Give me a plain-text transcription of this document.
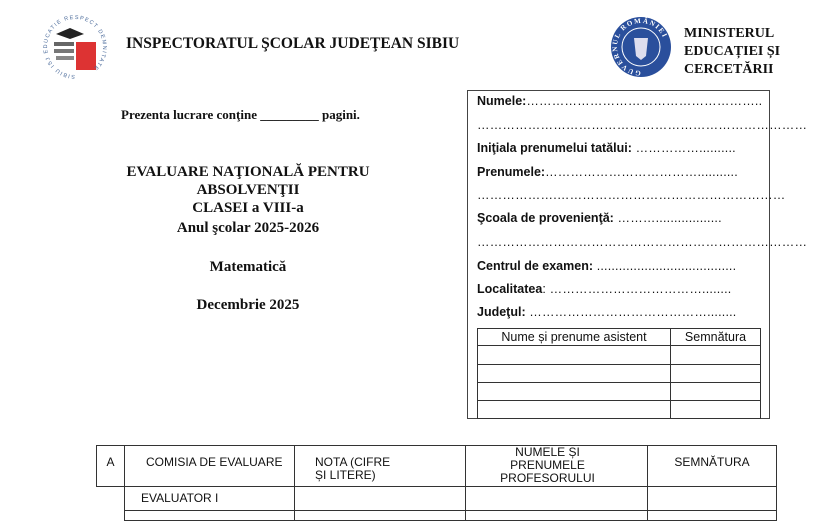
SIBIU ISJ EDUCATIE RESPECT DEMNITATE
INSPECTORATUL ŞCOLAR JUDEŢEAN SIBIU
GUVERNUL ROMÂNIEI MINISTERUL
EDUCAȚIEI ȘI
CERCETĂRII
Prezenta lucrare conţine _________ pagini.
EVALUARE NAŢIONALĂ PENTRU ABSOLVENŢII
CLASEI a VIII-a
Anul şcolar 2025-2026
Matematică
Decembrie 2025
Numele:………………………………………………..
……………………………………………………………………
Iniţiala prenumelui tatălui: ……………..........
Prenumele:………………………………...........
……………….………………………………………………
Şcoala de provenienţă: ………..................
……………………………………………………………………
Centrul de examen: ......................................
Localitatea: ………………………………........
Judeţul: ……………………………………........
Nume și prenume asistent	Semnătura

A	COMISIA DE EVALUARE	NOTA (CIFRE ȘI LITERE)	NUMELE ȘI PRENUMELE PROFESORULUI	SEMNĂTURA
	EVALUATOR I			
